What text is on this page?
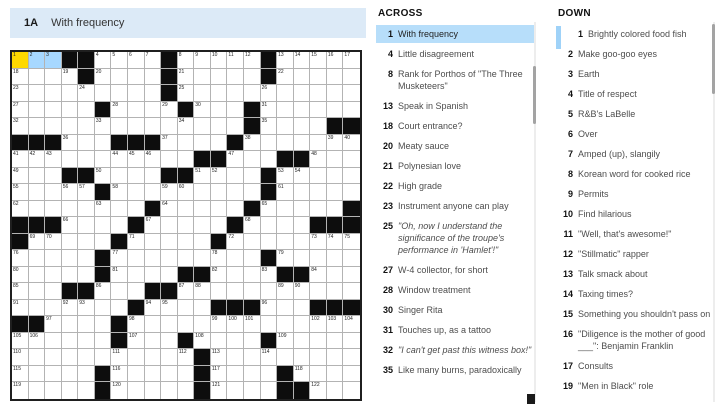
1A With frequency
1	2	3	4	5	6	7	8	9	10 11 12	13 14 15 16 17
18	19	20	21	22
23	24	25	26
27	28	29	30	31
32	33	34	35
36	37	38	39 40
41 42 43	44 45 46	47	48
49	50	51 52	53 54
55	56 57	58	59 60	61
62	63	64	65
66	67	68
69 70	71	72	73 74 75
76	77	78	79
80	81	82	83	84
85	86	87 88	89 90
91	92 93	94 95	96
97	98	99 100 101	102 103 104
105 106	107	108	109
110	111	112	113	114
115	116	117	118
119	120	121	122
ACROSS
1 With frequency
4 Little disagreement
8 Rank for Porthos of "The Three Musketeers"
13 Speak in Spanish
18 Court entrance?
20 Meaty sauce
21 Polynesian love
22 High grade
23 Instrument anyone can play
25 "Oh, now I understand the significance of the troupe's performance in 'Hamlet'!"
27 W-4 collector, for short
28 Window treatment
30 Singer Rita
31 Touches up, as a tattoo
32 "I can't get past this witness box!"
35 Like many burns, paradoxically
DOWN
1 Brightly colored food fish
2 Make goo-goo eyes
3 Earth
4 Title of respect
5 R&B's LaBelle
6 Over
7 Amped (up), slangily
8 Korean word for cooked rice
9 Permits
10 Find hilarious
11 "Well, that's awesome!"
12 "Stillmatic" rapper
13 Talk smack about
14 Taxing times?
15 Something you shouldn't pass on
16 "Diligence is the mother of good ___": Benjamin Franklin
17 Consults
19 "Men in Black" role
